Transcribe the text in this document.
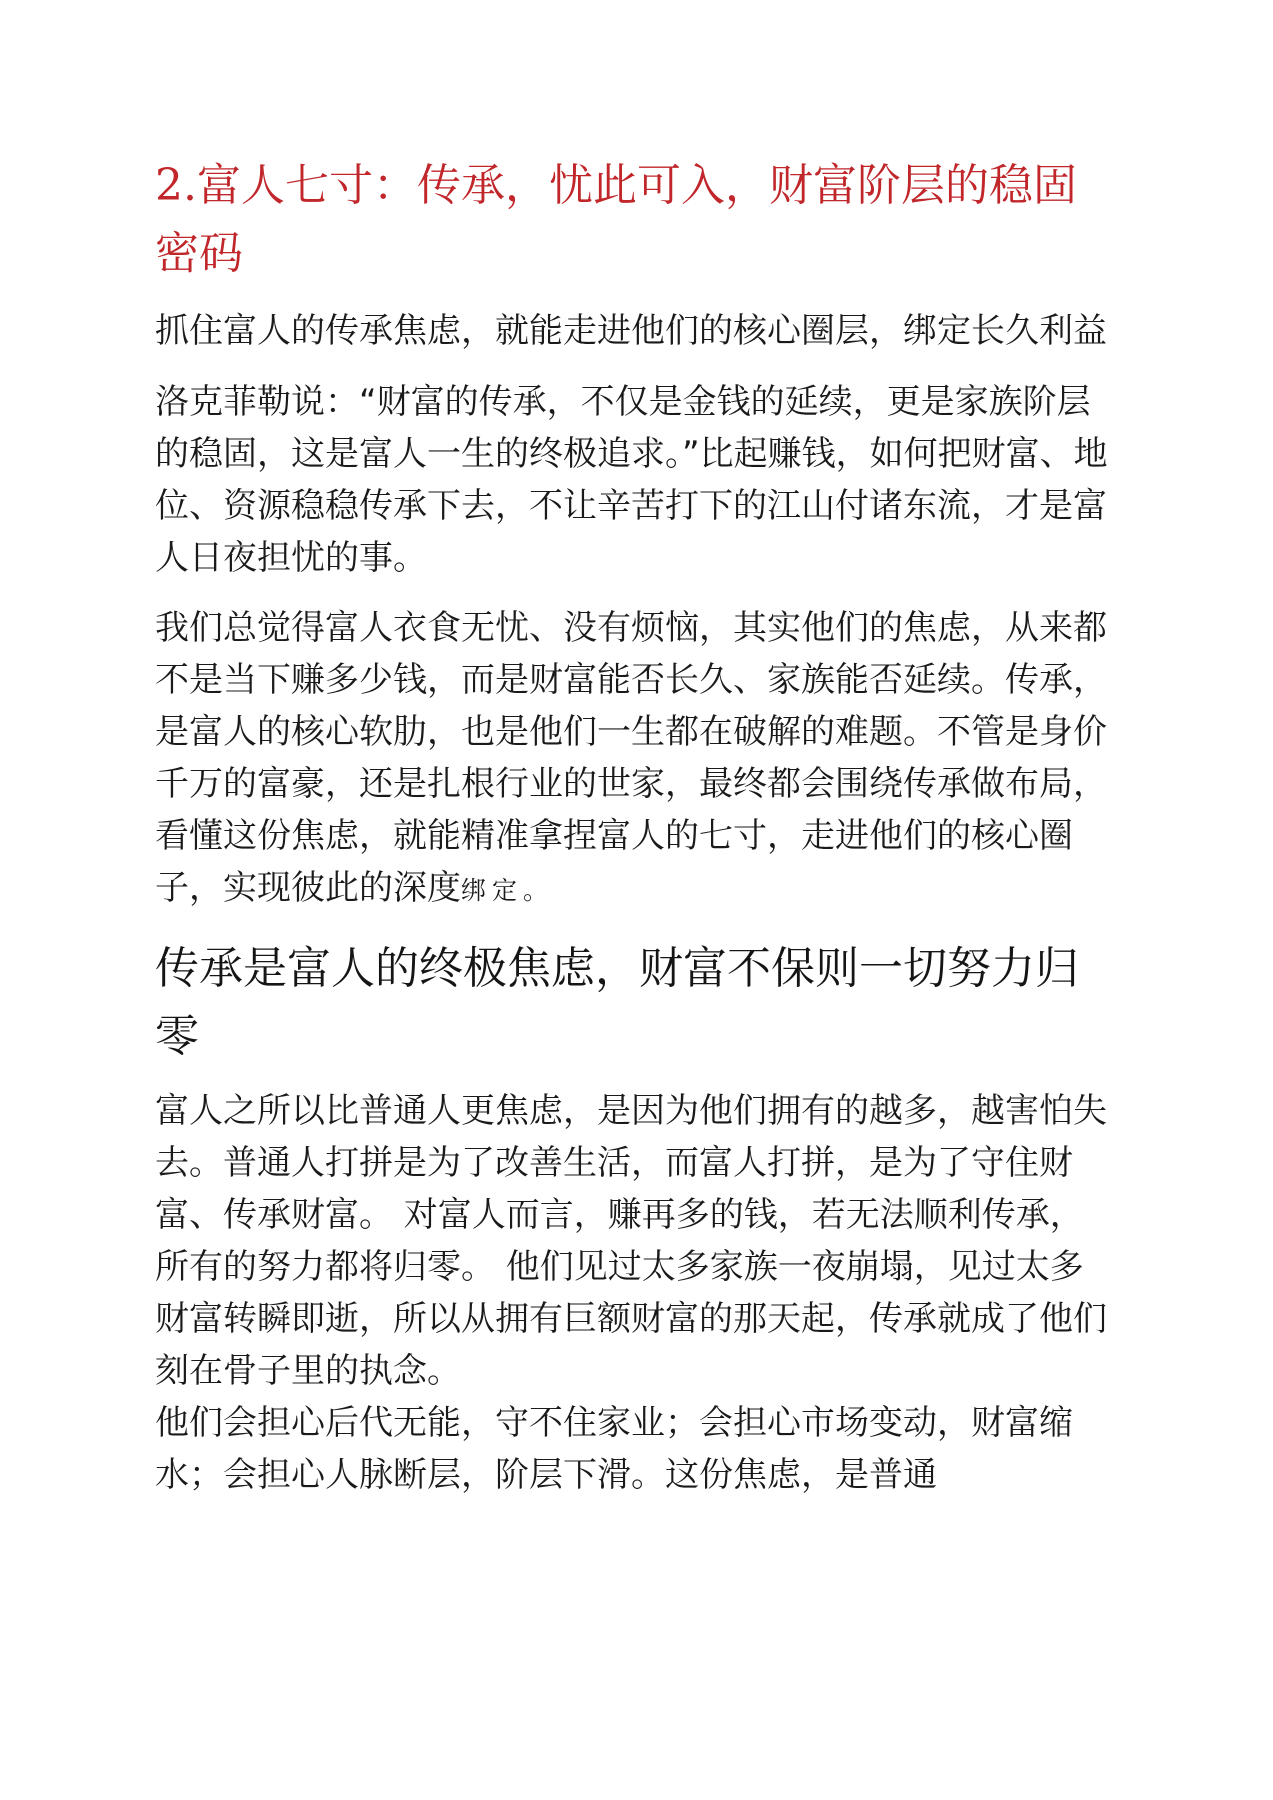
2.富人七寸：传承，忧此可入，财富阶层的稳固密码

抓住富人的传承焦虑，就能走进他们的核心圈层，绑定长久利益

洛克菲勒说：“财富的传承，不仅是金钱的延续，更是家族阶层的稳固，这是富人一生的终极追求。”比起赚钱，如何把财富、地位、资源稳稳传承下去，不让辛苦打下的江山付诸东流，才是富人日夜担忧的事。

我们总觉得富人衣食无忧、没有烦恼，其实他们的焦虑，从来都不是当下赚多少钱，而是财富能否长久、家族能否延续。传承，是富人的核心软肋，也是他们一生都在破解的难题。不管是身价千万的富豪，还是扎根行业的世家，最终都会围绕传承做布局，看懂这份焦虑，就能精准拿捏富人的七寸，走进他们的核心圈子，实现彼此的深度绑定。

传承是富人的终极焦虑，财富不保则一切努力归零

富人之所以比普通人更焦虑，是因为他们拥有的越多，越害怕失去。普通人打拼是为了改善生活，而富人打拼，是为了守住财富、传承财富。 对富人而言，赚再多的钱，若无法顺利传承，所有的努力都将归零。 他们见过太多家族一夜崩塌，见过太多财富转瞬即逝，所以从拥有巨额财富的那天起，传承就成了他们刻在骨子里的执念。

他们会担心后代无能，守不住家业；会担心市场变动，财富缩水；会担心人脉断层，阶层下滑。这份焦虑，是普通
